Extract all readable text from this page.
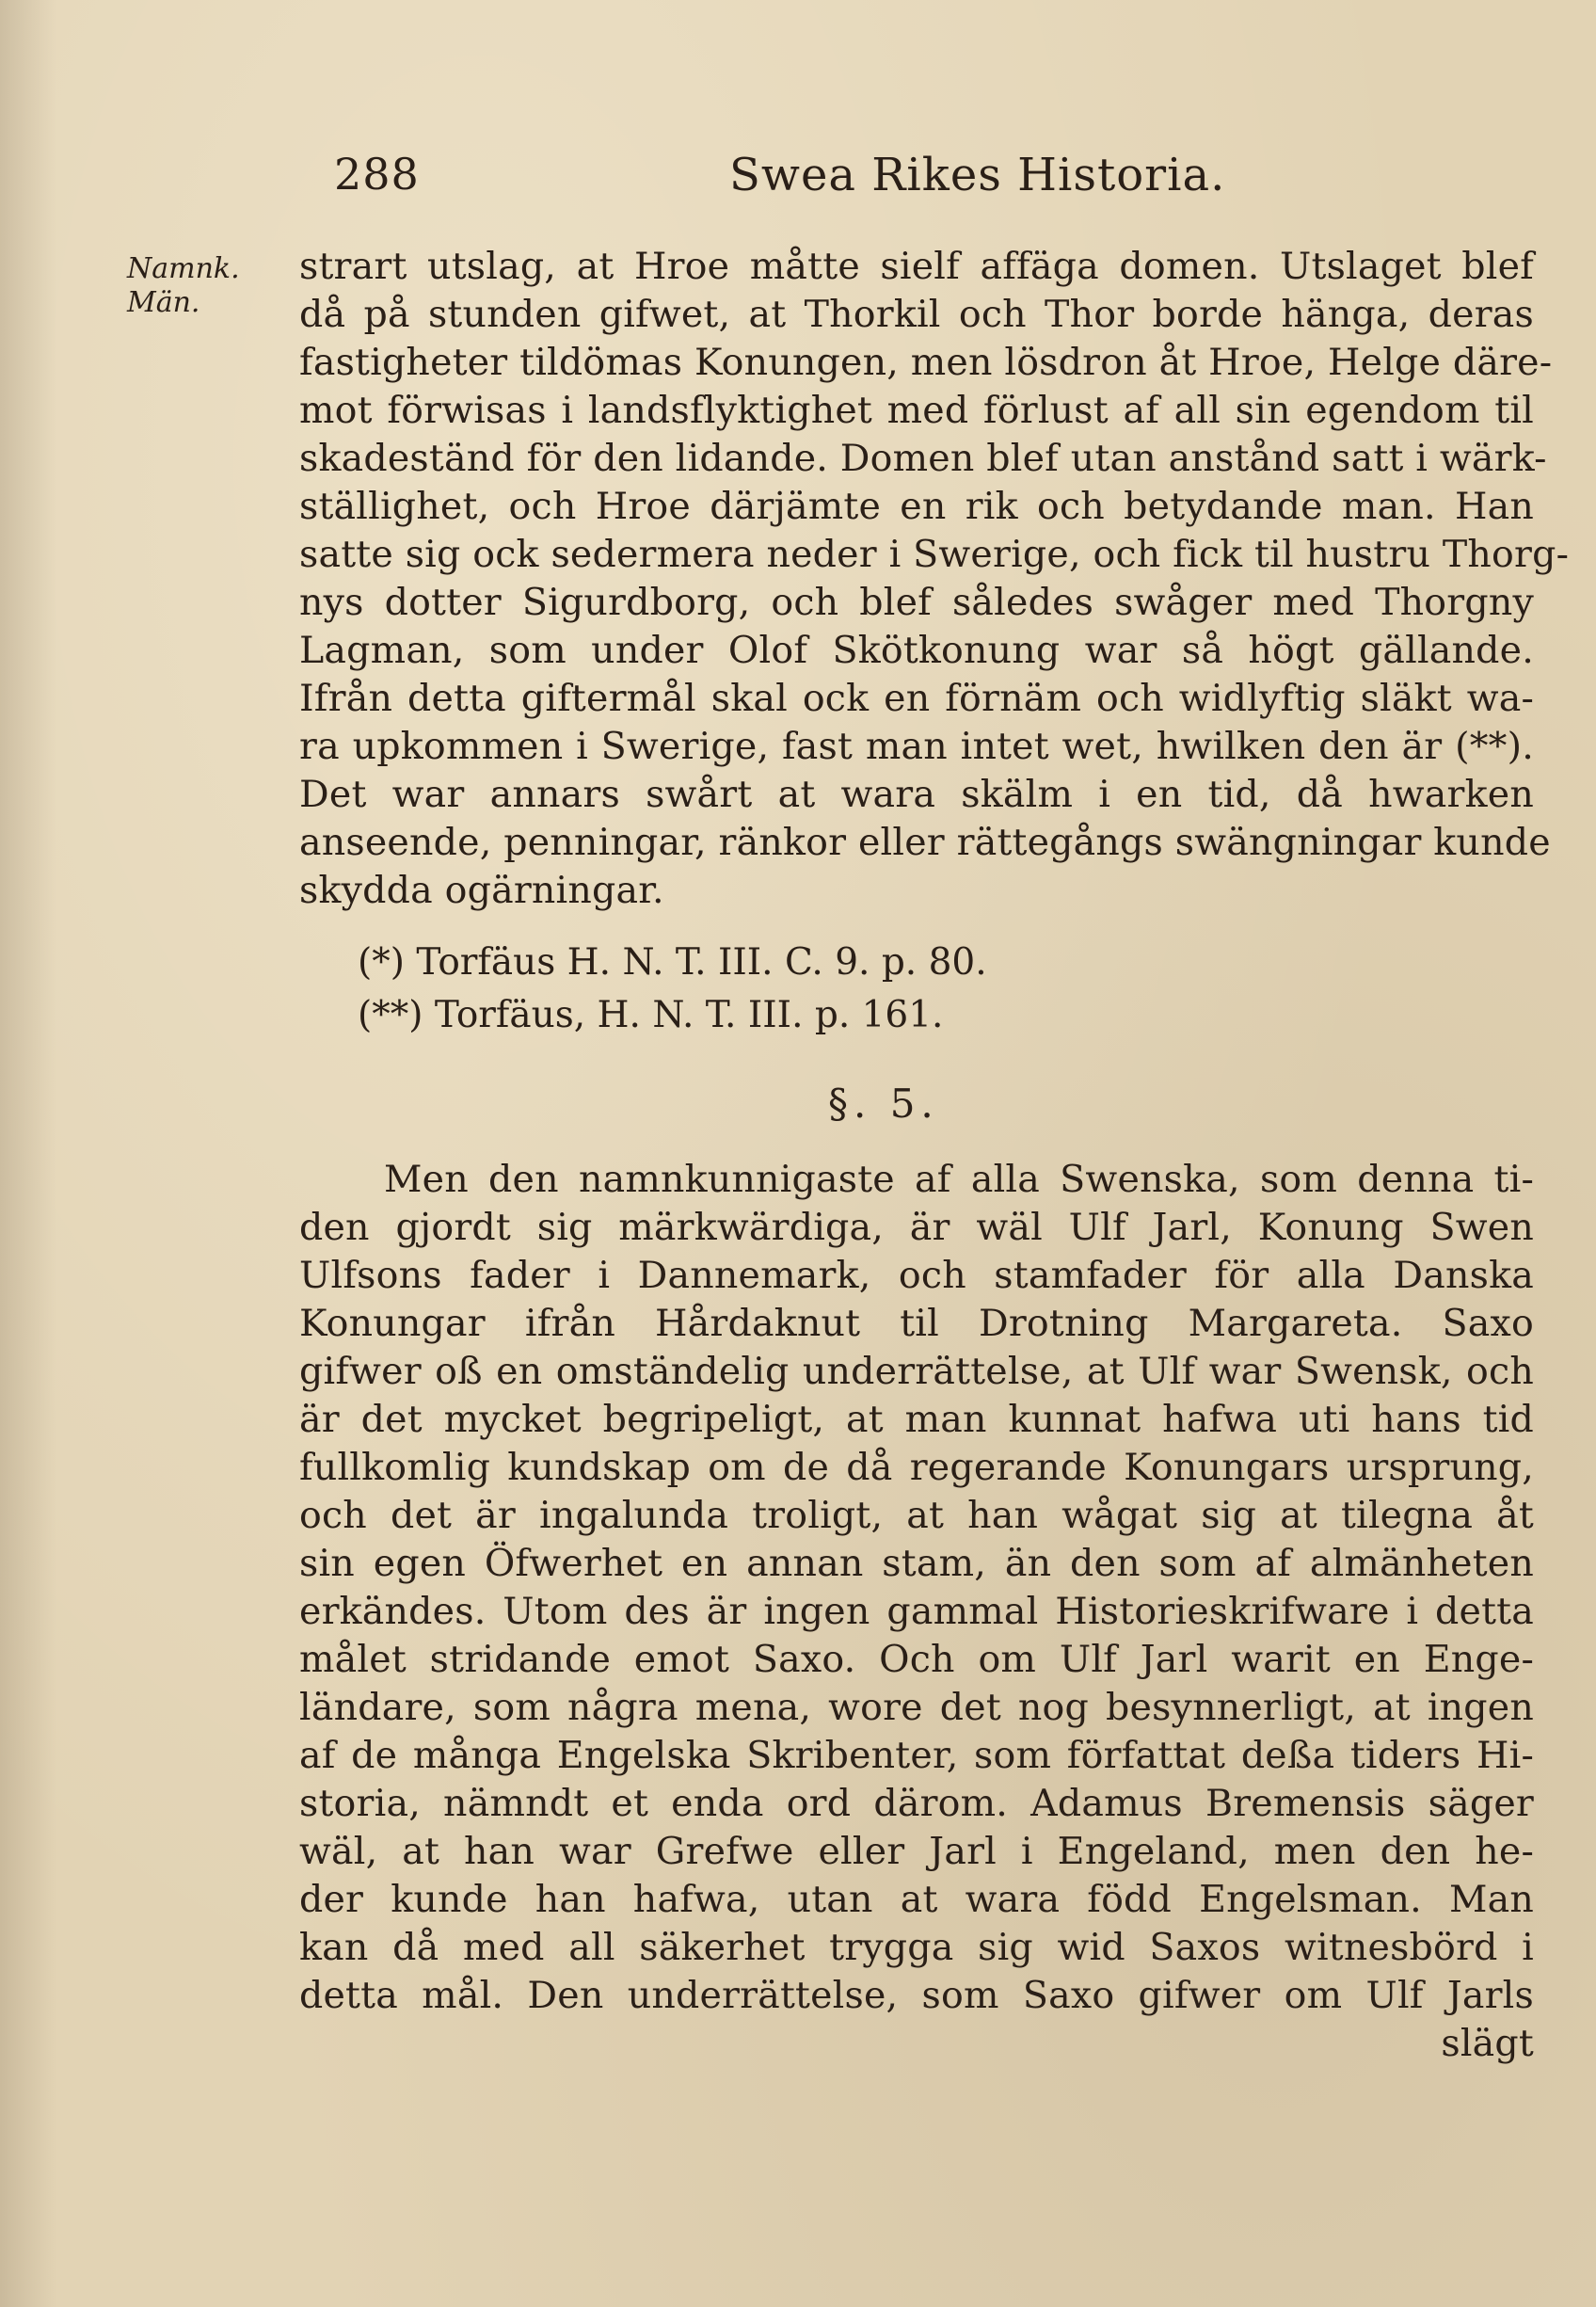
288	Swea Rikes Historia.
Namnk.
Män.
strart utslag, at Hroe måtte sielf affäga domen. Utslaget blef
då på stunden gifwet, at Thorkil och Thor borde hänga, deras
fastigheter tildömas Konungen, men lösdron åt Hroe, Helge däre-
mot förwisas i landsflyktighet med förlust af all sin egendom til
skadeständ för den lidande. Domen blef utan anstånd satt i wärk-
ställighet, och Hroe därjämte en rik och betydande man. Han
satte sig ock sedermera neder i Swerige, och fick til hustru Thorg-
nys dotter Sigurdborg, och blef således swåger med Thorgny
Lagman, som under Olof Skötkonung war så högt gällande.
Ifrån detta giftermål skal ock en förnäm och widlyftig släkt wa-
ra upkommen i Swerige, fast man intet wet, hwilken den är (**).
Det war annars swårt at wara skälm i en tid, då hwarken
anseende, penningar, ränkor eller rättegångs swängningar kunde
skydda ogärningar.
(*) Torfäus H. N. T. III. C. 9. p. 80.
(**) Torfäus, H. N. T. III. p. 161.
§. 5.
Men den namnkunnigaste af alla Swenska, som denna ti-
den gjordt sig märkwärdiga, är wäl Ulf Jarl, Konung Swen
Ulfsons fader i Dannemark, och stamfader för alla Danska
Konungar ifrån Hårdaknut til Drotning Margareta. Saxo
gifwer oß en omständelig underrättelse, at Ulf war Swensk, och
är det mycket begripeligt, at man kunnat hafwa uti hans tid
fullkomlig kundskap om de då regerande Konungars ursprung,
och det är ingalunda troligt, at han wågat sig at tilegna åt
sin egen Öfwerhet en annan stam, än den som af almänheten
erkändes. Utom des är ingen gammal Historieskrifware i detta
målet stridande emot Saxo. Och om Ulf Jarl warit en Enge-
ländare, som några mena, wore det nog besynnerligt, at ingen
af de många Engelska Skribenter, som författat deßa tiders Hi-
storia, nämndt et enda ord därom. Adamus Bremensis säger
wäl, at han war Grefwe eller Jarl i Engeland, men den he-
der kunde han hafwa, utan at wara född Engelsman. Man
kan då med all säkerhet trygga sig wid Saxos witnesbörd i
detta mål. Den underrättelse, som Saxo gifwer om Ulf Jarls
slägt
